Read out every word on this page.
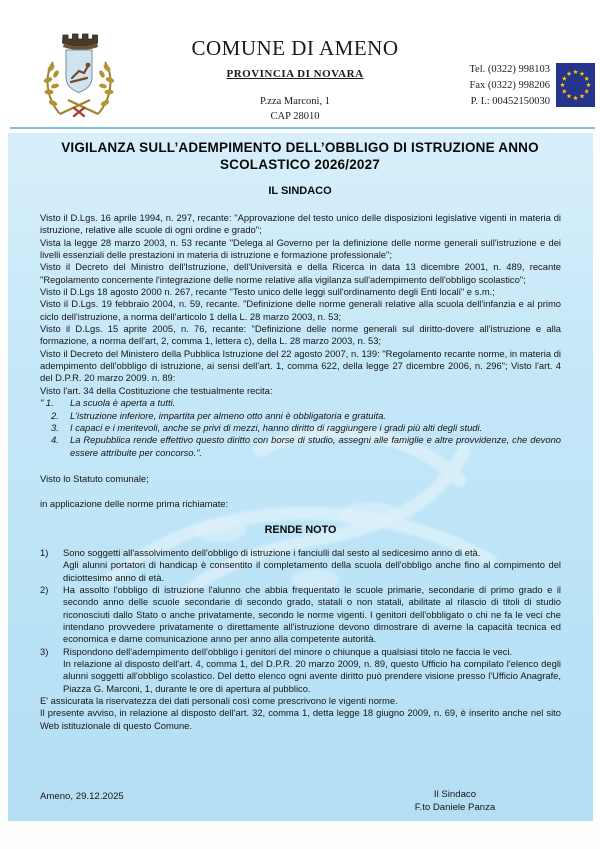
COMUNE DI AMENO
PROVINCIA DI NOVARA
P.zza Marconi, 1
CAP 28010
Tel. (0322) 998103
Fax (0322) 998206
P. I.: 00452150030
VIGILANZA SULL’ADEMPIMENTO DELL’OBBLIGO DI ISTRUZIONE ANNO SCOLASTICO 2026/2027
IL SINDACO
Visto il D.Lgs. 16 aprile 1994, n. 297, recante: "Approvazione del testo unico delle disposizioni legislative vigenti in materia di istruzione, relative alle scuole di ogni ordine e grado";
Vista la legge 28 marzo 2003, n. 53 recante "Delega al Governo per la definizione delle norme generali sull'istruzione e dei livelli essenziali delle prestazioni in materia di istruzione e formazione professionale";
Visto il Decreto del Ministro dell'Istruzione, dell'Università e della Ricerca in data 13 dicembre 2001, n. 489, recante "Regolamento concernente l'integrazione delle norme relative alla vigilanza sull'adempimento dell'obbligo scolastico";
Visto il D.Lgs 18 agosto 2000 n. 267, recante "Testo unico delle leggi sull'ordinamento degli Enti locali" e s.m.;
Visto il D.Lgs. 19 febbraio 2004, n. 59, recante. "Definizione delle norme generali relative alla scuola dell'infanzia e al primo ciclo dell'istruzione, a norma dell'articolo 1 della L. 28 marzo 2003, n. 53;
Visto il D.Lgs. 15 aprite 2005, n. 76, recante: "Definizione delle norme generali sul diritto-dovere all'istruzione e alla formazione, a norma dell'art, 2, comma 1, lettera c), della L. 28 marzo 2003, n. 53;
Visto il Decreto del Ministero della Pubblica Istruzione del 22 agosto 2007, n. 139: "Regolamento recante norme, in materia di adempimento dell'obbligo di istruzione, ai sensi dell'art. 1, comma 622, della legge 27 dicembre 2006, n. 296"; Visto l'art. 4 del D.P.R. 20 marzo 2009. n. 89:
Visto l'art. 34 della Costituzione che testualmente recita:
" 1.	La scuola è aperta a tutti.
2.	L'istruzione inferiore, impartita per almeno otto anni è obbligatoria e gratuita.
3.	I capaci e i meritevoli, anche se privi di mezzi, hanno diritto di raggiungere i gradi più alti degli studi.
4.	La Repubblica rende effettivo questo diritto con borse di studio, assegni alle famiglie e altre provvidenze, che devono essere attribuite per concorso.".
Visto lo Statuto comunale;
in applicazione delle norme prima richiamate:
RENDE NOTO
1)	Sono soggetti all'assolvimento dell'obbligo di istruzione i fanciulli dal sesto al sedicesimo anno di età.
Agli alunni portatori di handicap è consentito il completamento della scuola dell'obbligo anche fino al compimento del diciottesimo anno di età.
2)	Ha assolto l'obbligo di istruzione l'alunno che abbia frequentato le scuole primarie, secondarie di primo grado e il secondo anno delle scuole secondarie di secondo grado, statali o non statali, abilitate al rilascio di titoli di studio riconosciuti dallo Stato o anche privatamente, secondo le norme vigenti. I genitori dell'obbligato o chi ne fa le veci che intendano provvedere privatamente o direttamente all'istruzione devono dimostrare di averne la capacità tecnica ed economica e darne comunicazione anno per anno alla competente autorità.
3)	Rispondono dell'adempimento dell'obbligo i genitori del minore o chiunque a qualsiasi titolo ne faccia le veci.
In relazione al disposto dell'art. 4, comma 1, del D.P.R. 20 marzo 2009, n. 89, questo Ufficio ha compilato l'elenco degli alunni soggetti all'obbligo scolastico. Del detto elenco ogni avente diritto può prendere visione presso l'Ufficio Anagrafe, Piazza G. Marconi, 1, durante le ore di apertura al pubblico.
E' assicurata la riservatezza dei dati personali così come prescrivono le vigenti norme.
Il presente avviso, in relazione al disposto dell'art. 32, comma 1, detta legge 18 giugno 2009, n. 69, è inserito anche nel sito Web istituzionale di questo Comune.
Ameno, 29.12.2025	Il Sindaco
F.to Daniele Panza
